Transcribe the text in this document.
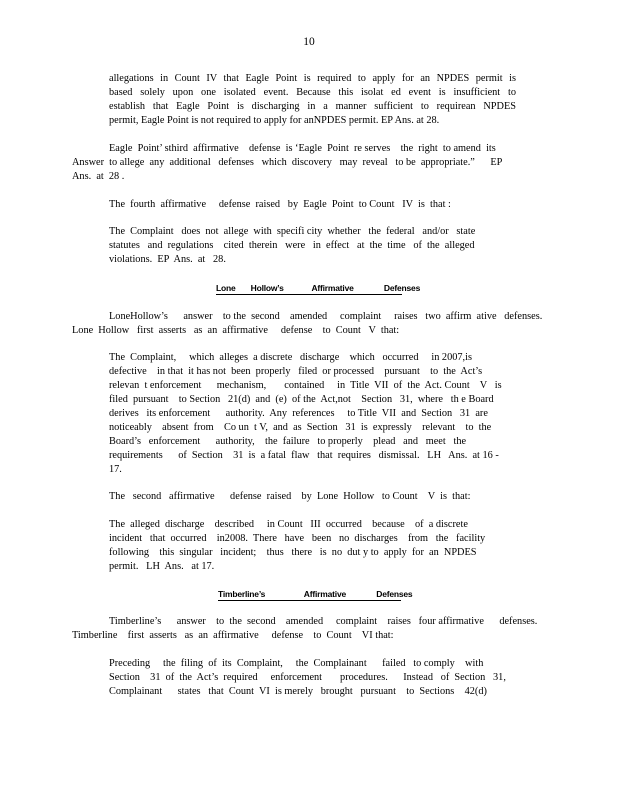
10
allegations in Count IV that Eagle Point is required to apply for an NPDES permit is
based solely upon one isolated event. Because this isolat ed event is insufficient to
establish that Eagle Point is discharging in a manner sufficient to requirean NPDES
permit, Eagle Point is not required to apply for anNPDES permit. EP Ans. at 28.
Eagle  Point’ sthird  affirmative    defense  is ‘Eagle  Point  re serves    the  right  to amend  its
Answer  to allege  any  additional   defenses   which  discovery   may  reveal   to be  appropriate.”      EP
Ans.  at  28 .
The  fourth  affirmative     defense  raised   by  Eagle  Point  to Count   IV  is  that :
The  Complaint   does  not  allege  with  specifi city  whether   the  federal   and/or   state
statutes   and  regulations    cited  therein   were   in  effect   at  the  time   of  the  alleged
violations.  EP  Ans.  at   28.
Lone       Hollow’s             Affirmative              Defenses
LoneHollow’s      answer    to the  second    amended     complaint     raises   two  affirm  ative   defenses.
Lone  Hollow   first  asserts   as  an  affirmative     defense    to  Count   V  that:
The  Complaint,     which  alleges  a discrete   discharge    which   occurred     in 2007,is
defective    in that  it has not  been  properly   filed  or processed    pursuant    to  the  Act’s
relevan  t enforcement      mechanism,       contained     in  Title  VII  of  the  Act. Count    V   is
filed  pursuant    to Section   21(d)  and  (e)  of the  Act,not    Section   31,  where   th e Board
derives   its enforcement      authority.  Any  references     to Title  VII  and  Section   31  are
noticeably    absent  from    Co un  t V,  and  as  Section   31  is  expressly    relevant    to  the
Board’s   enforcement      authority,    the  failure   to properly    plead   and   meet   the
requirements      of  Section    31  is  a fatal  flaw   that  requires   dismissal.   LH   Ans.  at 16 -
17.
The   second   affirmative      defense  raised    by  Lone  Hollow   to Count    V  is  that:
The  alleged  discharge    described     in Count   III  occurred    because    of  a discrete
incident   that  occurred    in2008.  There   have   been   no  discharges    from   the   facility
following    this  singular   incident;    thus   there   is  no  dut y to  apply  for  an  NPDES
permit.   LH  Ans.   at 17.
Timberline’s                  Affirmative              Defenses
Timberline’s      answer    to  the  second    amended     complaint    raises   four affirmative      defenses.
Timberline    first  asserts   as  an  affirmative     defense    to  Count    VI that:
Preceding     the  filing  of  its  Complaint,     the  Complainant      failed   to comply    with
Section    31  of  the  Act’s  required     enforcement       procedures.      Instead   of  Section   31,
Complainant      states   that  Count  VI  is merely   brought   pursuant    to  Sections    42(d)
